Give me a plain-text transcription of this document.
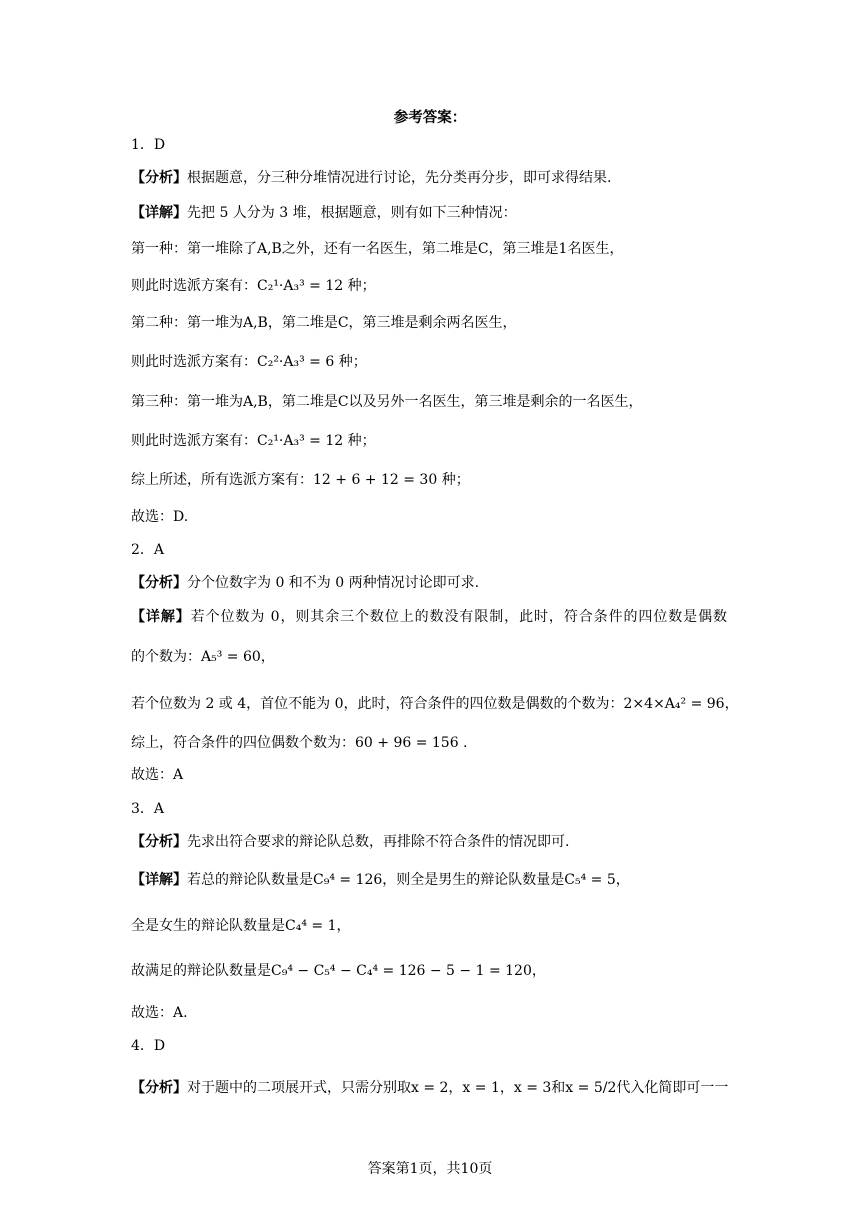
参考答案：
1．D
【分析】根据题意，分三种分堆情况进行讨论，先分类再分步，即可求得结果.
【详解】先把 5 人分为 3 堆，根据题意，则有如下三种情况：
第一种：第一堆除了A,B之外，还有一名医生，第二堆是C，第三堆是1名医生，
则此时选派方案有：C₂¹·A₃³ = 12 种；
第二种：第一堆为A,B，第二堆是C，第三堆是剩余两名医生，
则此时选派方案有：C₂²·A₃³ = 6 种；
第三种：第一堆为A,B，第二堆是C以及另外一名医生，第三堆是剩余的一名医生，
则此时选派方案有：C₂¹·A₃³ = 12 种；
综上所述，所有选派方案有：12 + 6 + 12 = 30 种；
故选：D.
2．A
【分析】分个位数字为 0 和不为 0 两种情况讨论即可求.
【详解】若个位数为 0，则其余三个数位上的数没有限制，此时，符合条件的四位数是偶数
的个数为：A₅³ = 60，
若个位数为 2 或 4，首位不能为 0，此时，符合条件的四位数是偶数的个数为：2×4×A₄² = 96，
综上，符合条件的四位偶数个数为：60 + 96 = 156 .
故选：A
3．A
【分析】先求出符合要求的辩论队总数，再排除不符合条件的情况即可.
【详解】若总的辩论队数量是C₉⁴ = 126，则全是男生的辩论队数量是C₅⁴ = 5，
全是女生的辩论队数量是C₄⁴ = 1，
故满足的辩论队数量是C₉⁴ − C₅⁴ − C₄⁴ = 126 − 5 − 1 = 120，
故选：A.
4．D
【分析】对于题中的二项展开式，只需分别取x = 2，x = 1，x = 3和x = 5/2代入化简即可一一
答案第1页，共10页
